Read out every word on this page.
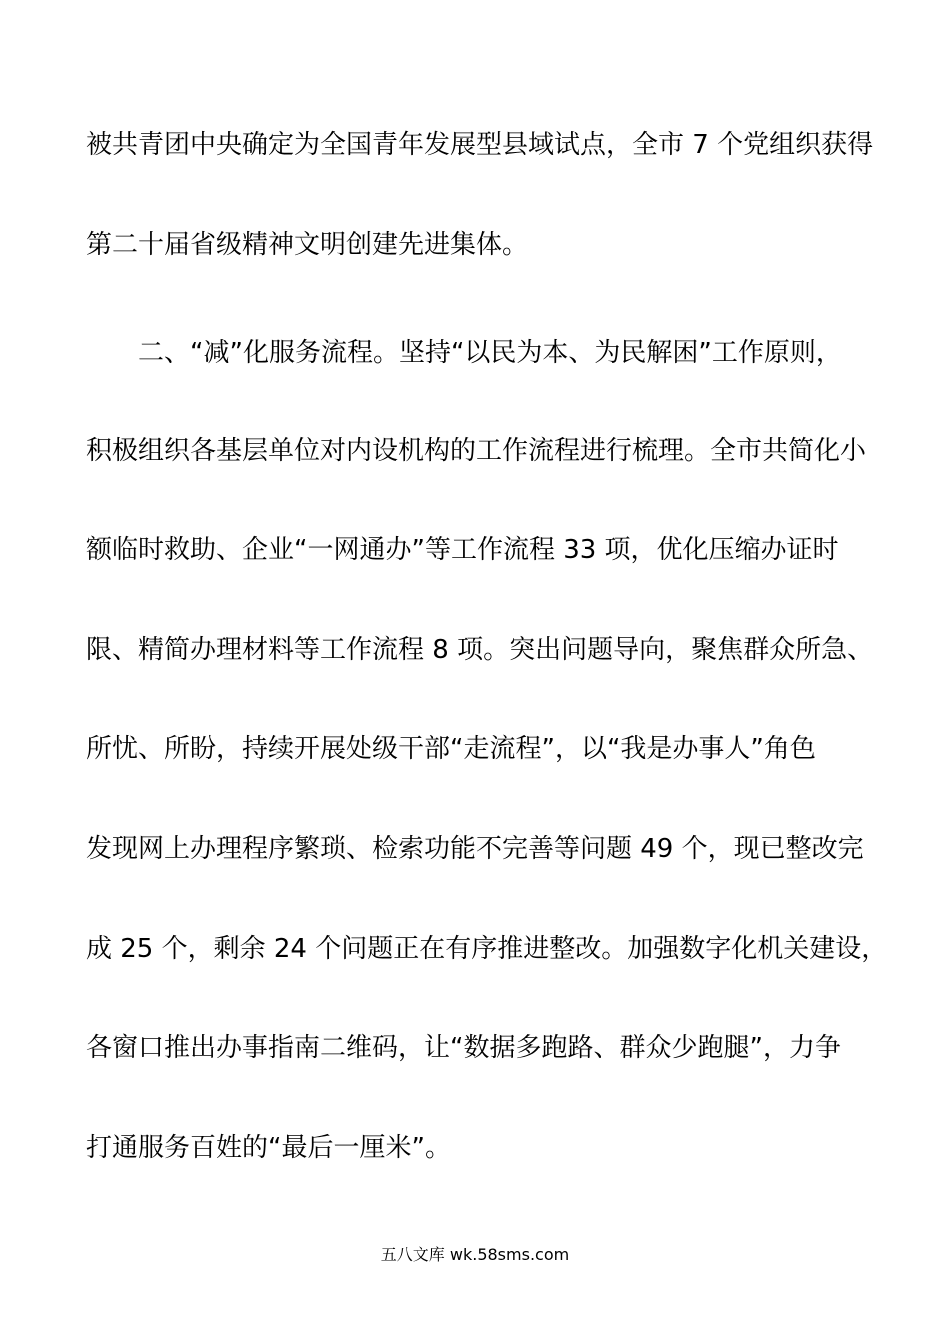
被共青团中央确定为全国青年发展型县域试点，全市 7 个党组织获得
第二十届省级精神文明创建先进集体。
二、“减”化服务流程。坚持“以民为本、为民解困”工作原则，
积极组织各基层单位对内设机构的工作流程进行梳理。全市共简化小
额临时救助、企业“一网通办”等工作流程 33 项，优化压缩办证时
限、精简办理材料等工作流程 8 项。突出问题导向，聚焦群众所急、
所忧、所盼，持续开展处级干部“走流程”，以“我是办事人”角色
发现网上办理程序繁琐、检索功能不完善等问题 49 个，现已整改完
成 25 个，剩余 24 个问题正在有序推进整改。加强数字化机关建设，
各窗口推出办事指南二维码，让“数据多跑路、群众少跑腿”，力争
打通服务百姓的“最后一厘米”。
五八文库 wk.58sms.com
